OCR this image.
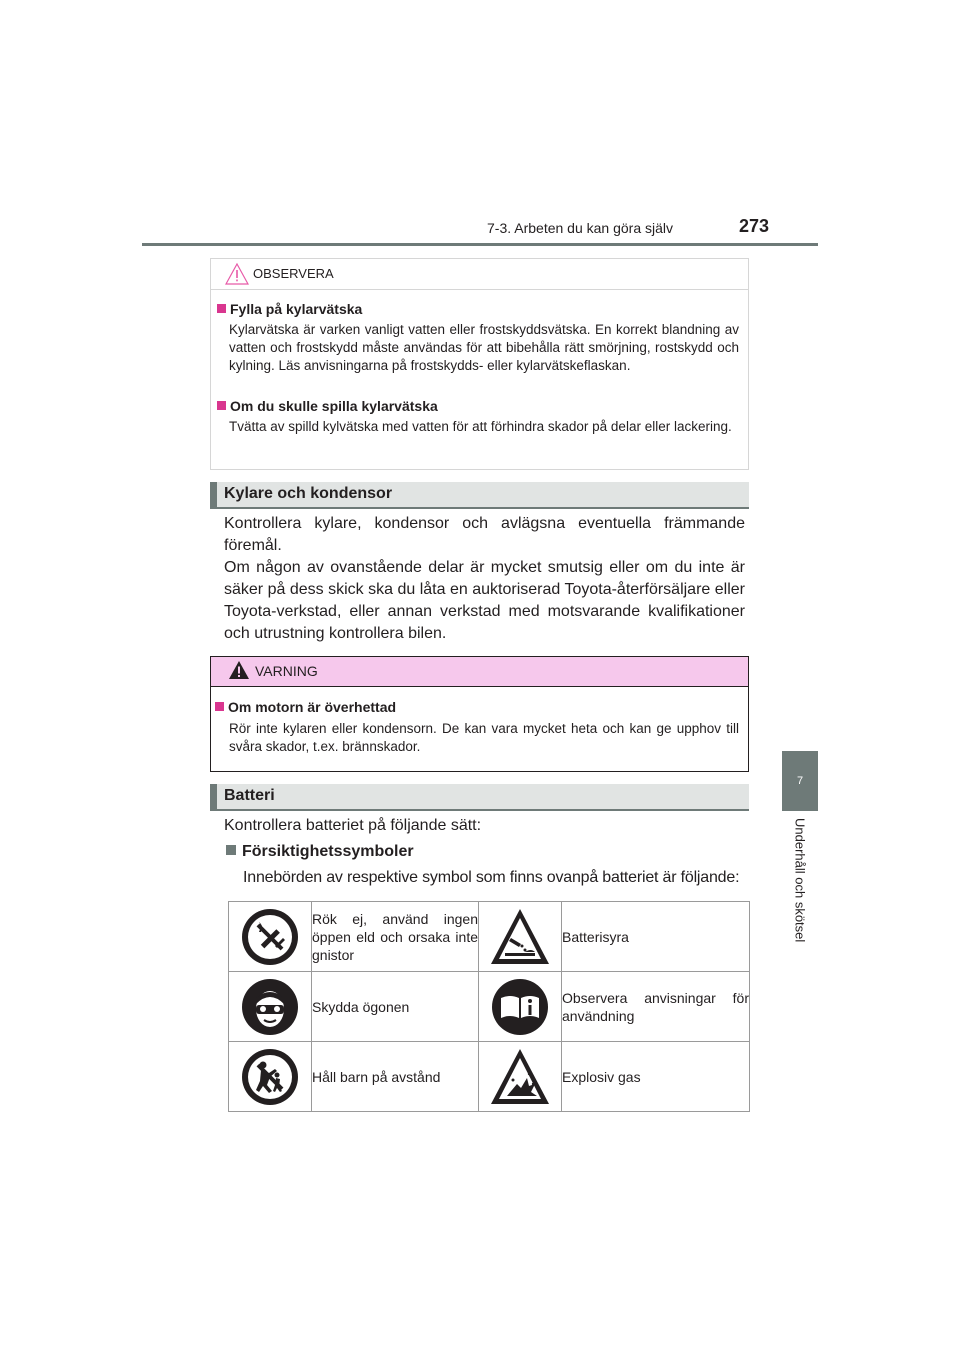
7-3. Arbeten du kan göra själv	273
7
Underhåll och skötsel
OBSERVERA
Fylla på kylarvätska
Kylarvätska är varken vanligt vatten eller frostskyddsvätska. En korrekt blandning av vatten och frostskydd måste användas för att bibehålla rätt smörjning, rostskydd och kylning. Läs anvisningarna på frostskydds- eller kylarvätskeflaskan.
Om du skulle spilla kylarvätska
Tvätta av spilld kylvätska med vatten för att förhindra skador på delar eller lackering.
Kylare och kondensor
Kontrollera kylare, kondensor och avlägsna eventuella främmande föremål.
Om någon av ovanstående delar är mycket smutsig eller om du inte är säker på dess skick ska du låta en auktoriserad Toyota-återförsäljare eller Toyota-verkstad, eller annan verkstad med motsvarande kvalifikationer och utrustning kontrollera bilen.
VARNING
Om motorn är överhettad
Rör inte kylaren eller kondensorn. De kan vara mycket heta och kan ge upphov till svåra skador, t.ex. brännskador.
Batteri
Kontrollera batteriet på följande sätt:
Försiktighetssymboler
Innebörden av respektive symbol som finns ovanpå batteriet är följande:
	Rök ej, använd ingen öppen eld och orsaka inte gnistor		Batterisyra

	Skydda ögonen		Observera anvisningar för användning

	Håll barn på avstånd		Explosiv gas
